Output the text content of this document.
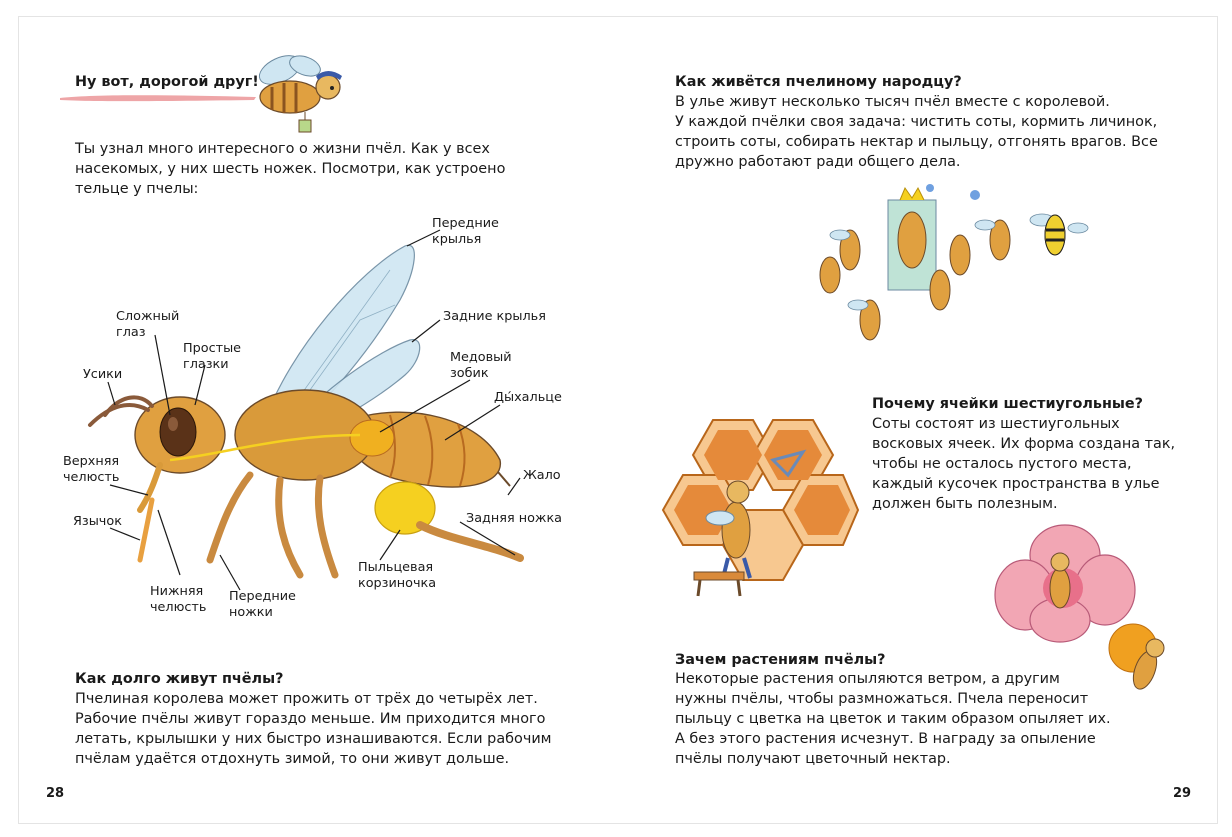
Ну вот, дорогой друг!

Ты узнал много интересного о жизни пчёл. Как у всех

насекомых, у них шесть ножек. Посмотри, как устроено

тельце у пчелы:

Передние
крылья
Задние крылья
Сложный
глаз
Простые
глазки
Усики
Медовый
зобик
Ды́хальце
Верхняя
челюсть	Жало
Язычок	Задняя ножка
Пыльцевая
корзиночка
Нижняя
челюсть
Передние
ножки

Как долго живут пчёлы?

Пчелиная королева может прожить от трёх до четырёх лет.

Рабочие пчёлы живут гораздо меньше. Им приходится много

летать, крылышки у них быстро изнашиваются. Если рабочим

пчёлам удаётся отдохнуть зимой, то они живут дольше.

28

Как живётся пчелиному народцу?

В улье живут несколько тысяч пчёл вместе с королевой.

У каждой пчёлки своя задача: чистить соты, кормить личинок,

строить соты, собирать нектар и пыльцу, отгонять врагов. Все

дружно работают ради общего дела.

Почему ячейки шестиугольные?

Соты состоят из шестиугольных

восковых ячеек. Их форма создана так,

чтобы не осталось пустого места,

каждый кусочек пространства в улье

должен быть полезным.

Зачем растениям пчёлы?

Некоторые растения опыляются ветром, а другим

нужны пчёлы, чтобы размножаться. Пчела переносит

пыльцу с цветка на цветок и таким образом опыляет их.

А без этого растения исчезнут. В награду за опыление

пчёлы получают цветочный нектар.

29
